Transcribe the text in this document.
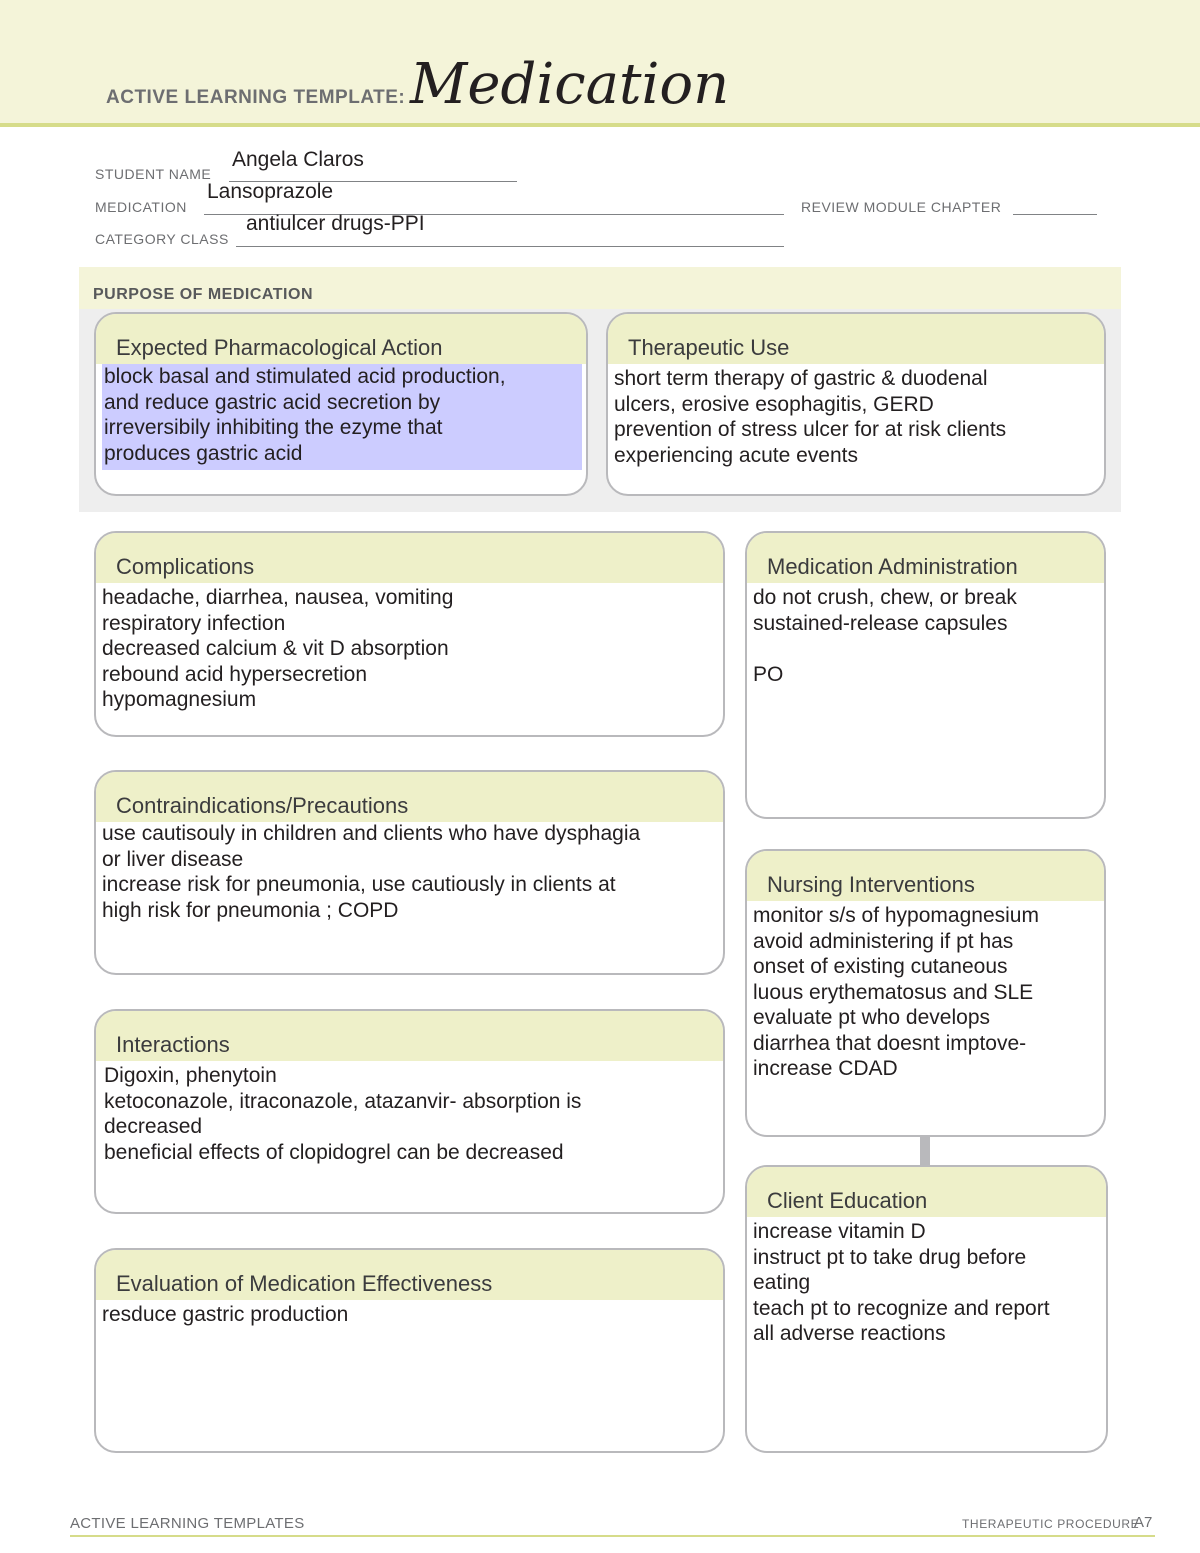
ACTIVE LEARNING TEMPLATE: Medication
STUDENT NAME
Angela Claros
MEDICATION
Lansoprazole
REVIEW MODULE CHAPTER
CATEGORY CLASS
antiulcer drugs-PPI
PURPOSE OF MEDICATION
Expected Pharmacological Action
block basal and stimulated acid production,
and reduce gastric acid secretion by
irreversibily inhibiting the ezyme that
produces gastric acid
Therapeutic Use
short term therapy of gastric & duodenal
ulcers, erosive esophagitis, GERD
prevention of stress ulcer for at risk clients
experiencing acute events
Complications
headache, diarrhea, nausea, vomiting
respiratory infection
decreased calcium & vit D absorption
rebound acid hypersecretion
hypomagnesium
Contraindications/Precautions
use cautisouly in children and clients who have dysphagia
or liver disease
increase risk for pneumonia, use cautiously in clients at
high risk for pneumonia ; COPD
Interactions
Digoxin, phenytoin
ketoconazole, itraconazole, atazanvir- absorption is
decreased
beneficial effects of clopidogrel can be decreased
Evaluation of Medication Effectiveness
resduce gastric production
Medication Administration
do not crush, chew, or break
sustained-release capsules

PO
Nursing Interventions
monitor s/s of hypomagnesium
avoid administering if pt has
onset of existing cutaneous
luous erythematosus and SLE
evaluate pt who develops
diarrhea that doesnt imptove-
increase CDAD
Client Education
increase vitamin D
instruct pt to take drug before
eating
teach pt to recognize and report
all adverse reactions
ACTIVE LEARNING TEMPLATES	THERAPEUTIC PROCEDURE
A7
